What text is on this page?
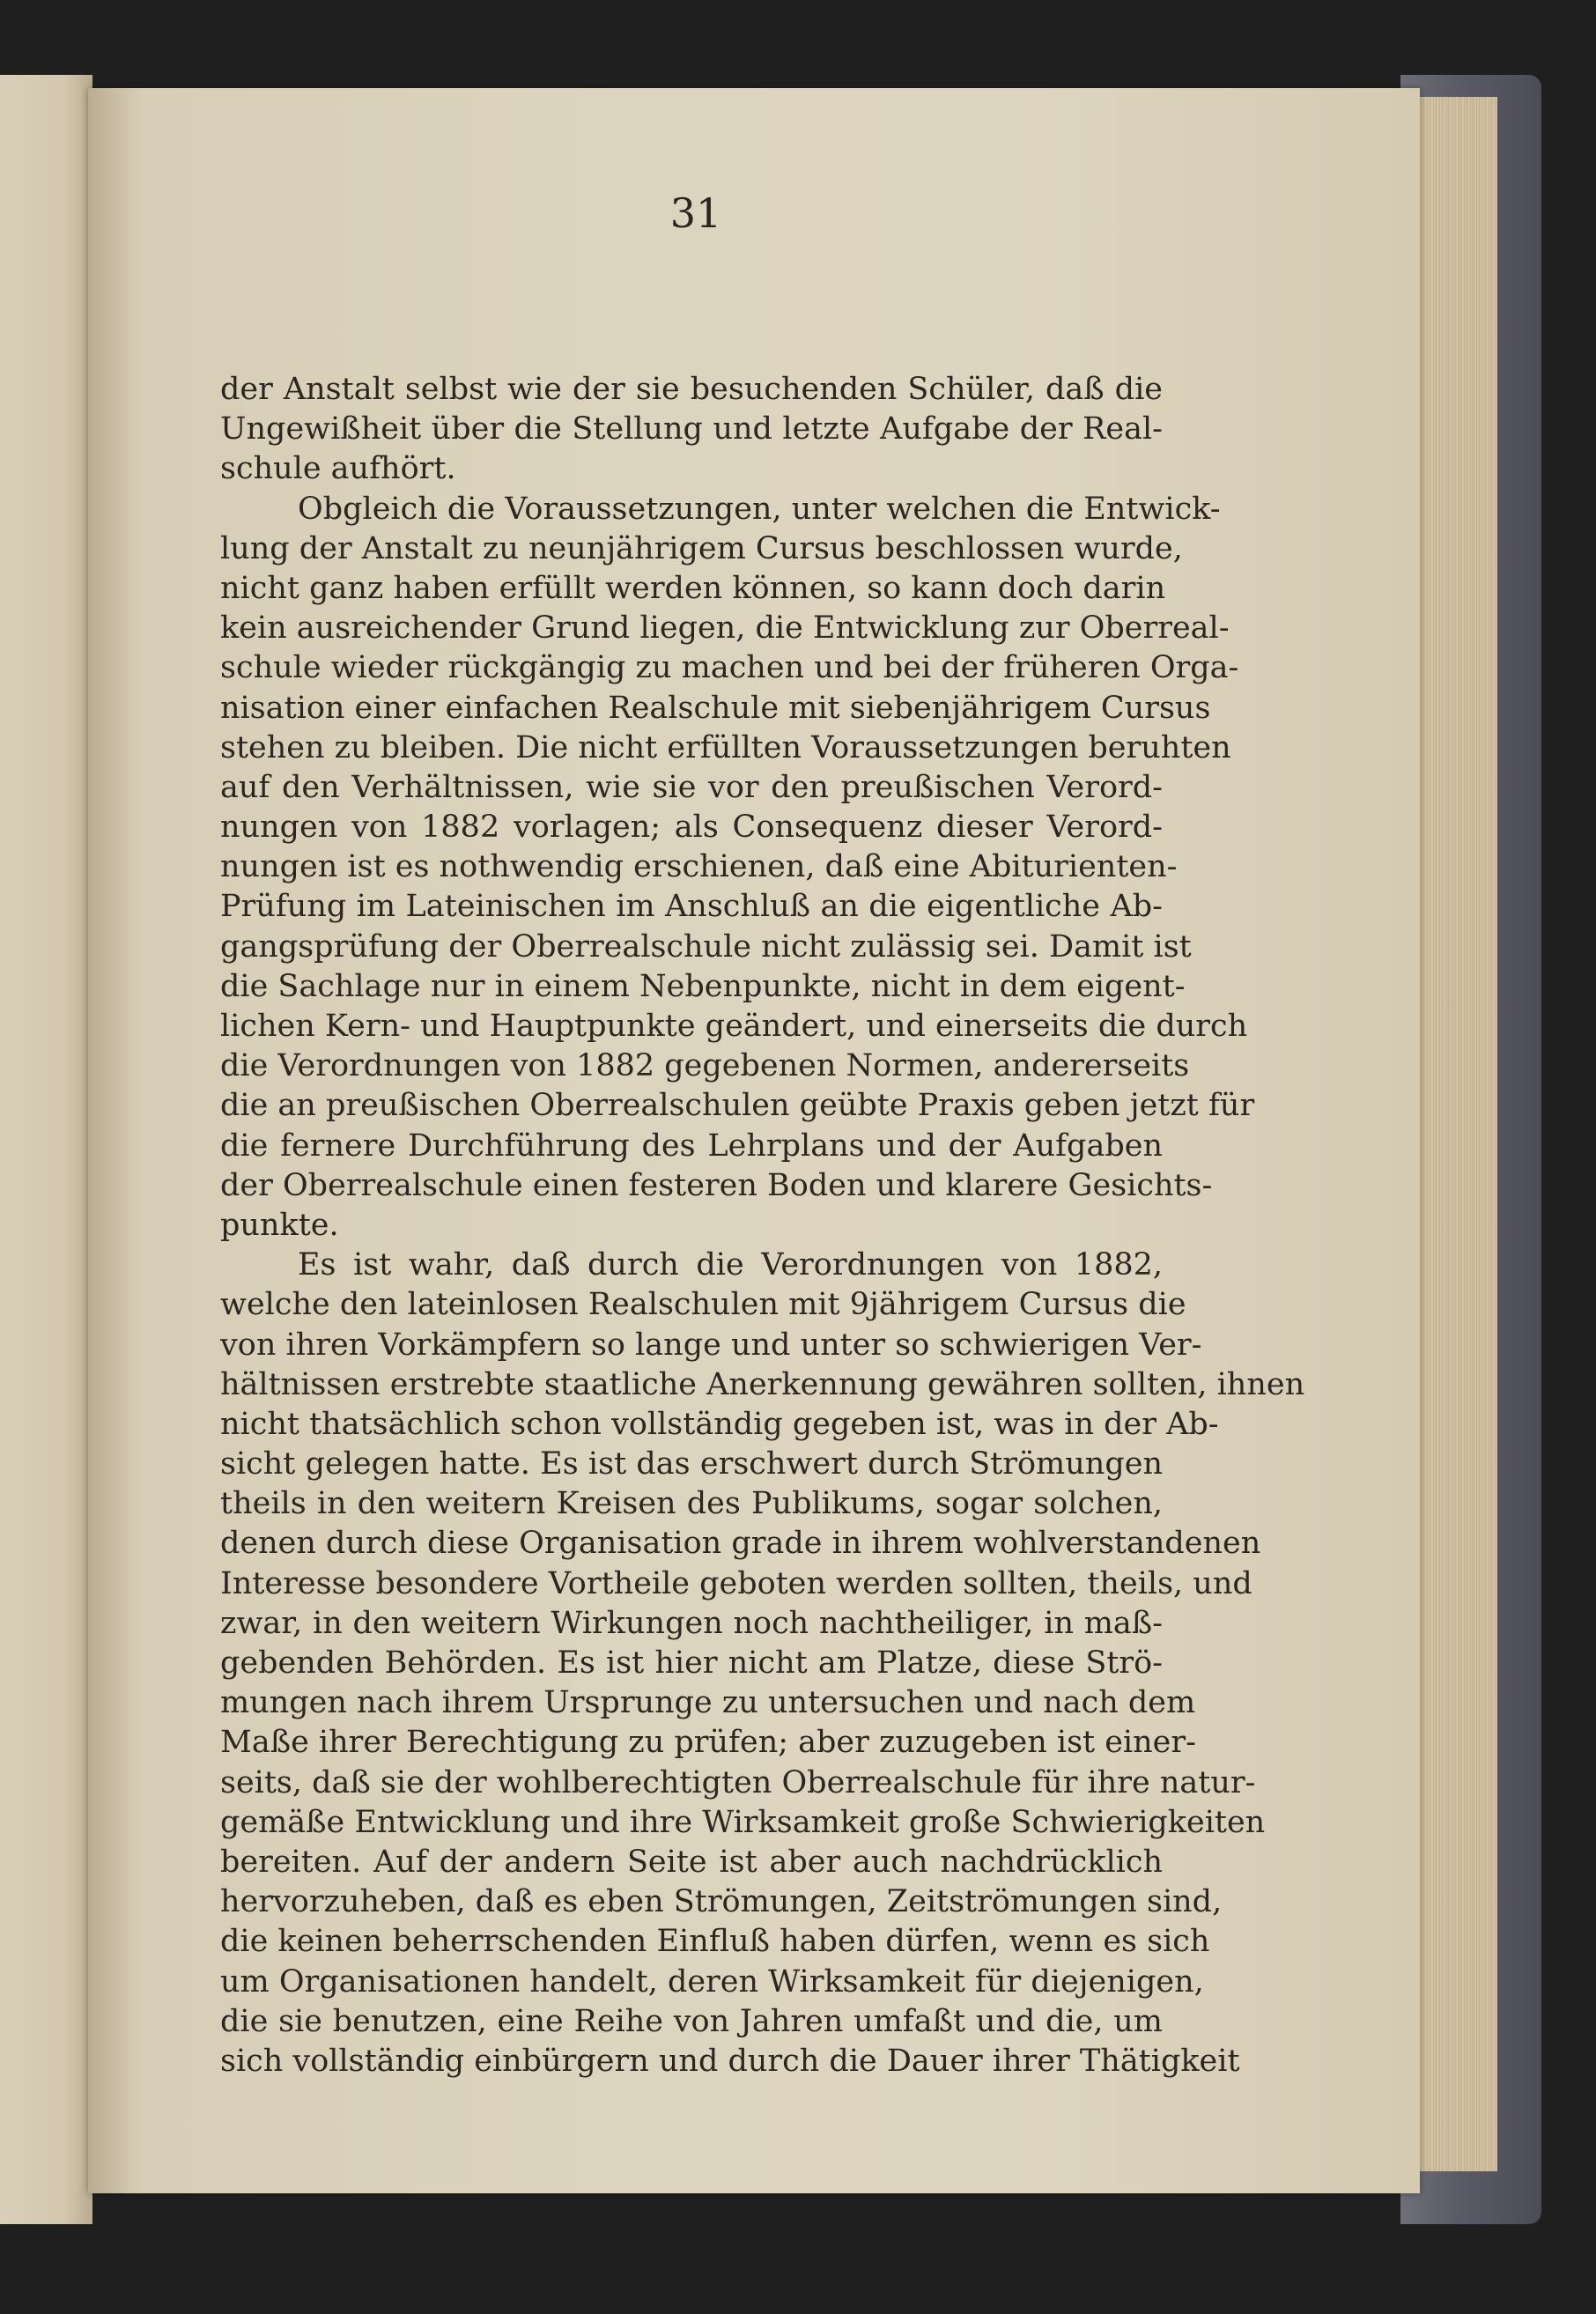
31
der Anstalt selbst wie der sie besuchenden Schüler, daß die
Ungewißheit über die Stellung und letzte Aufgabe der Real-
schule aufhört.
Obgleich die Voraussetzungen, unter welchen die Entwick-
lung der Anstalt zu neunjährigem Cursus beschlossen wurde,
nicht ganz haben erfüllt werden können, so kann doch darin
kein ausreichender Grund liegen, die Entwicklung zur Oberreal-
schule wieder rückgängig zu machen und bei der früheren Orga-
nisation einer einfachen Realschule mit siebenjährigem Cursus
stehen zu bleiben. Die nicht erfüllten Voraussetzungen beruhten
auf den Verhältnissen, wie sie vor den preußischen Verord-
nungen von 1882 vorlagen; als Consequenz dieser Verord-
nungen ist es nothwendig erschienen, daß eine Abiturienten-
Prüfung im Lateinischen im Anschluß an die eigentliche Ab-
gangsprüfung der Oberrealschule nicht zulässig sei. Damit ist
die Sachlage nur in einem Nebenpunkte, nicht in dem eigent-
lichen Kern- und Hauptpunkte geändert, und einerseits die durch
die Verordnungen von 1882 gegebenen Normen, andererseits
die an preußischen Oberrealschulen geübte Praxis geben jetzt für
die fernere Durchführung des Lehrplans und der Aufgaben
der Oberrealschule einen festeren Boden und klarere Gesichts-
punkte.
Es ist wahr, daß durch die Verordnungen von 1882,
welche den lateinlosen Realschulen mit 9jährigem Cursus die
von ihren Vorkämpfern so lange und unter so schwierigen Ver-
hältnissen erstrebte staatliche Anerkennung gewähren sollten, ihnen
nicht thatsächlich schon vollständig gegeben ist, was in der Ab-
sicht gelegen hatte. Es ist das erschwert durch Strömungen
theils in den weitern Kreisen des Publikums, sogar solchen,
denen durch diese Organisation grade in ihrem wohlverstandenen
Interesse besondere Vortheile geboten werden sollten, theils, und
zwar, in den weitern Wirkungen noch nachtheiliger, in maß-
gebenden Behörden. Es ist hier nicht am Platze, diese Strö-
mungen nach ihrem Ursprunge zu untersuchen und nach dem
Maße ihrer Berechtigung zu prüfen; aber zuzugeben ist einer-
seits, daß sie der wohlberechtigten Oberrealschule für ihre natur-
gemäße Entwicklung und ihre Wirksamkeit große Schwierigkeiten
bereiten. Auf der andern Seite ist aber auch nachdrücklich
hervorzuheben, daß es eben Strömungen, Zeitströmungen sind,
die keinen beherrschenden Einfluß haben dürfen, wenn es sich
um Organisationen handelt, deren Wirksamkeit für diejenigen,
die sie benutzen, eine Reihe von Jahren umfaßt und die, um
sich vollständig einbürgern und durch die Dauer ihrer Thätigkeit
